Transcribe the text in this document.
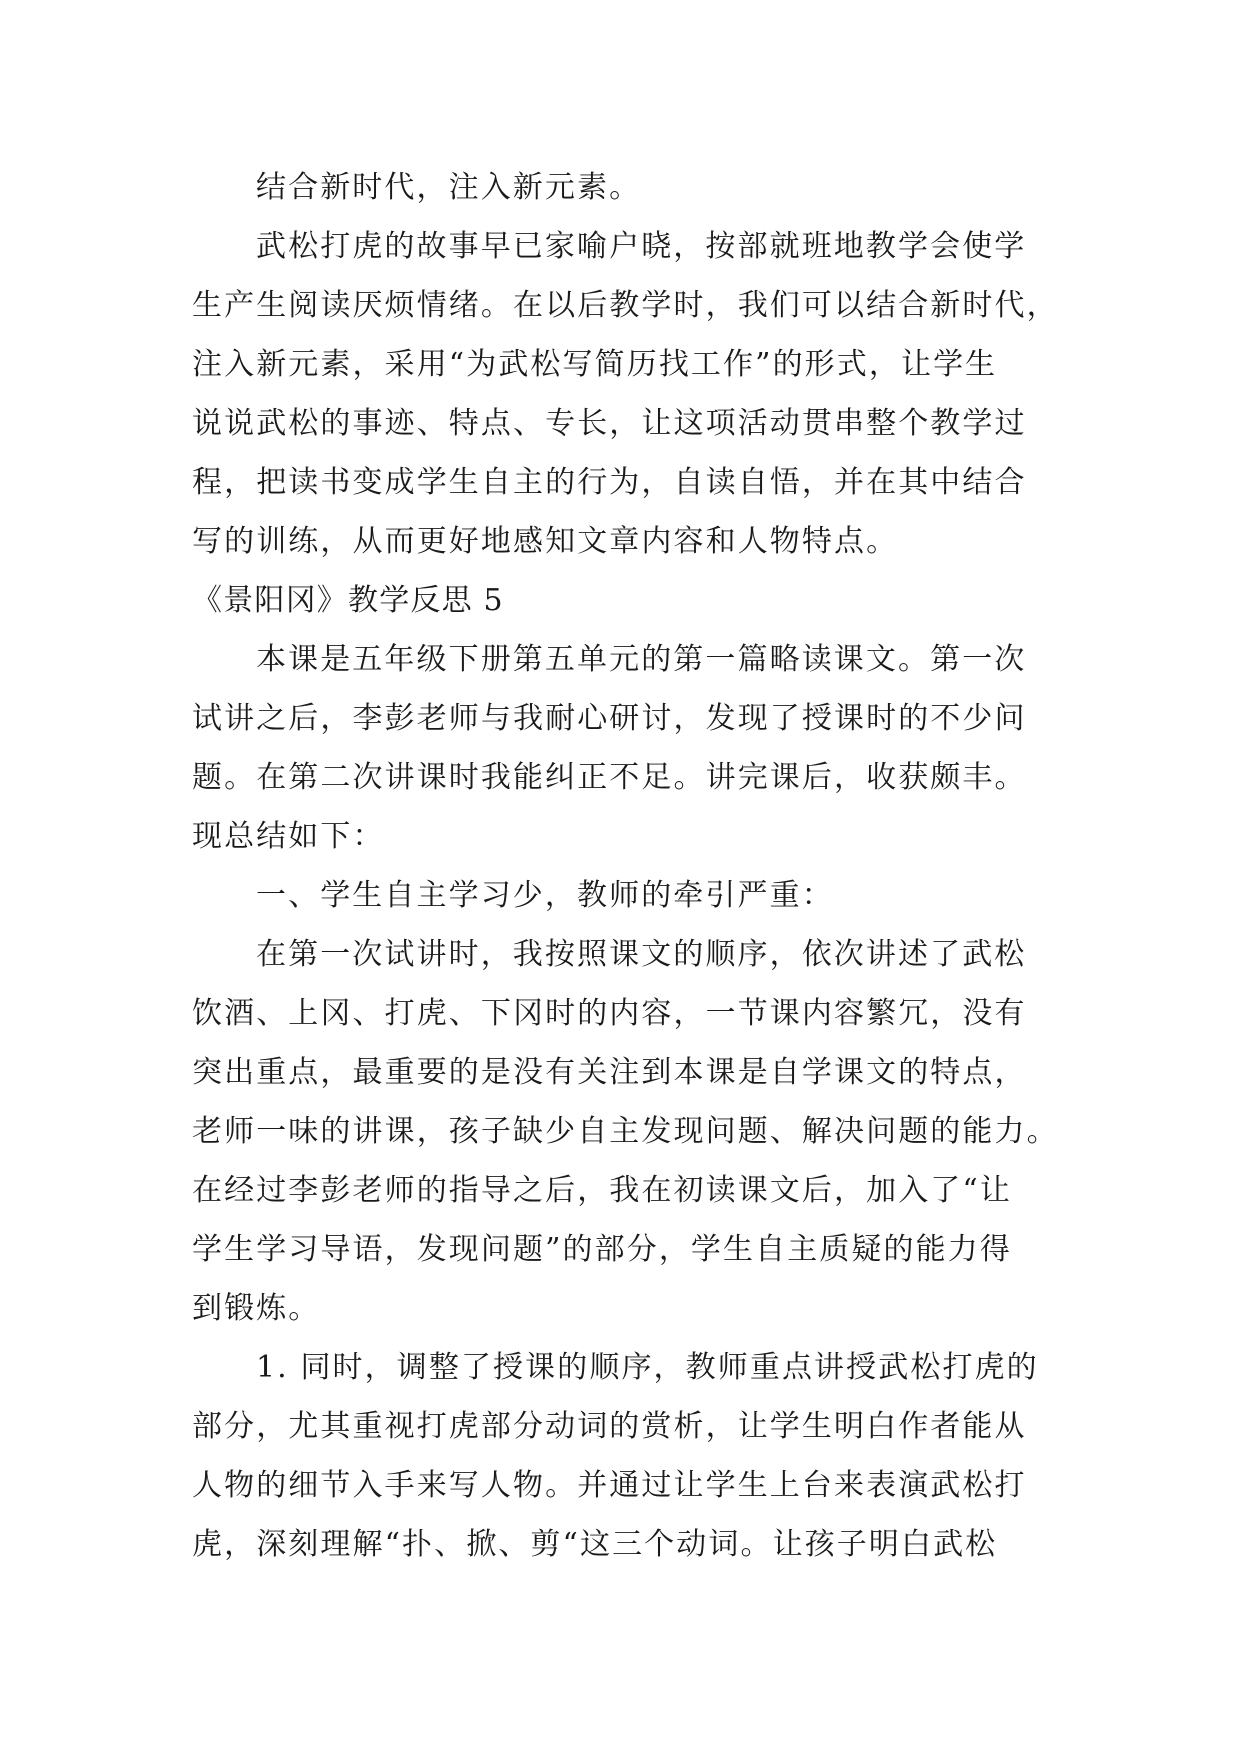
结合新时代，注入新元素。
武松打虎的故事早已家喻户晓，按部就班地教学会使学
生产生阅读厌烦情绪。在以后教学时，我们可以结合新时代，
注入新元素，采用“为武松写简历找工作”的形式，让学生
说说武松的事迹、特点、专长，让这项活动贯串整个教学过
程，把读书变成学生自主的行为，自读自悟，并在其中结合
写的训练，从而更好地感知文章内容和人物特点。
《景阳冈》教学反思 5
本课是五年级下册第五单元的第一篇略读课文。第一次
试讲之后，李彭老师与我耐心研讨，发现了授课时的不少问
题。在第二次讲课时我能纠正不足。讲完课后，收获颇丰。
现总结如下：
一、学生自主学习少，教师的牵引严重：
在第一次试讲时，我按照课文的顺序，依次讲述了武松
饮酒、上冈、打虎、下冈时的内容，一节课内容繁冗，没有
突出重点，最重要的是没有关注到本课是自学课文的特点，
老师一味的讲课，孩子缺少自主发现问题、解决问题的能力。
在经过李彭老师的指导之后，我在初读课文后，加入了“让
学生学习导语，发现问题”的部分，学生自主质疑的能力得
到锻炼。
1. 同时，调整了授课的顺序，教师重点讲授武松打虎的
部分，尤其重视打虎部分动词的赏析，让学生明白作者能从
人物的细节入手来写人物。并通过让学生上台来表演武松打
虎，深刻理解“扑、掀、剪“这三个动词。让孩子明白武松
